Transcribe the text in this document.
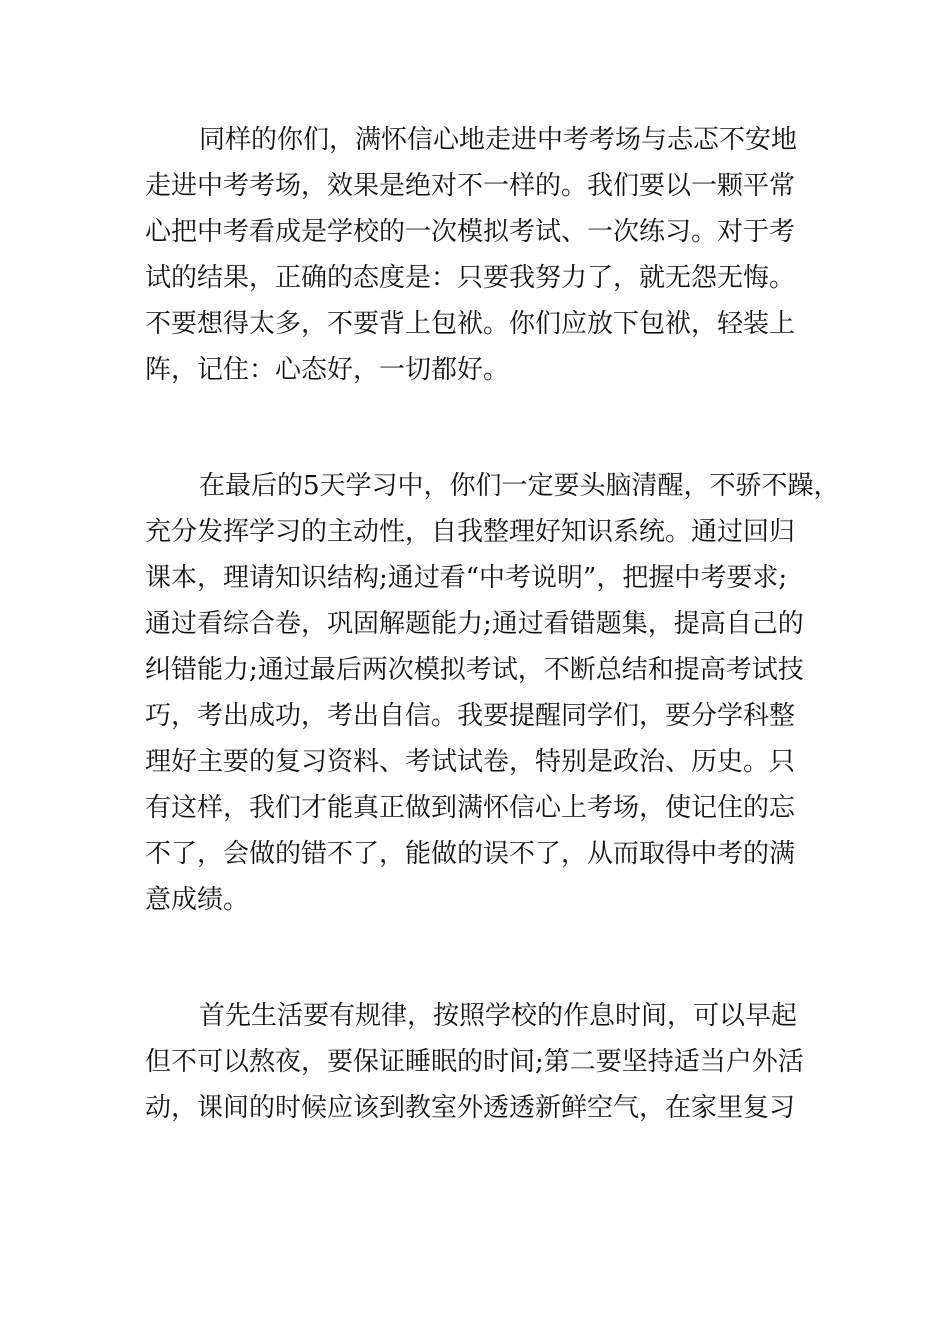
同样的你们，满怀信心地走进中考考场与忐忑不安地
走进中考考场，效果是绝对不一样的。我们要以一颗平常
心把中考看成是学校的一次模拟考试、一次练习。对于考
试的结果，正确的态度是：只要我努力了，就无怨无悔。
不要想得太多，不要背上包袱。你们应放下包袱，轻装上
阵，记住：心态好，一切都好。
在最后的5天学习中，你们一定要头脑清醒，不骄不躁，
充分发挥学习的主动性，自我整理好知识系统。通过回归
课本，理请知识结构;通过看“中考说明”，把握中考要求;
通过看综合卷，巩固解题能力;通过看错题集，提高自己的
纠错能力;通过最后两次模拟考试，不断总结和提高考试技
巧，考出成功，考出自信。我要提醒同学们，要分学科整
理好主要的复习资料、考试试卷，特别是政治、历史。只
有这样，我们才能真正做到满怀信心上考场，使记住的忘
不了，会做的错不了，能做的误不了，从而取得中考的满
意成绩。
首先生活要有规律，按照学校的作息时间，可以早起
但不可以熬夜，要保证睡眠的时间;第二要坚持适当户外活
动，课间的时候应该到教室外透透新鲜空气，在家里复习
